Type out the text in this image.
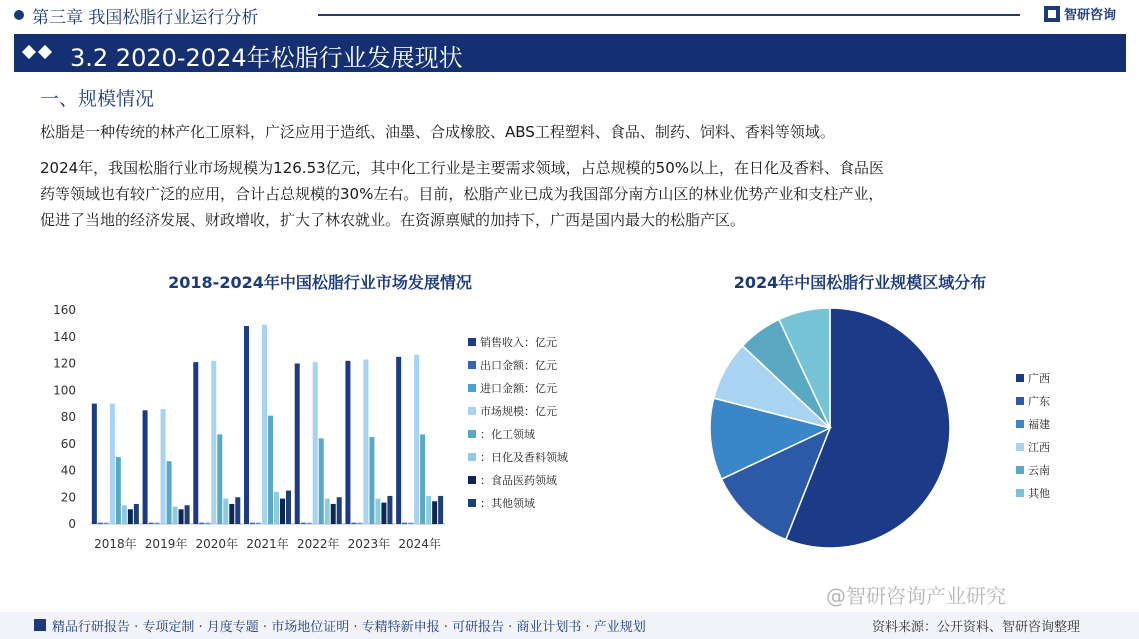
第三章 我国松脂行业运行分析	智研咨询
3.2 2020-2024年松脂行业发展现状
一、规模情况
松脂是一种传统的林产化工原料，广泛应用于造纸、油墨、合成橡胶、ABS工程塑料、食品、制药、饲料、香料等领域。
2024年，我国松脂行业市场规模为126.53亿元，其中化工行业是主要需求领域，占总规模的50%以上，在日化及香料、食品医
药等领域也有较广泛的应用，合计占总规模的30%左右。目前，松脂产业已成为我国部分南方山区的林业优势产业和支柱产业，
促进了当地的经济发展、财政增收，扩大了林农就业。在资源禀赋的加持下，广西是国内最大的松脂产区。
2018-2024年中国松脂行业市场发展情况
0
20
40
60
80
100
120
140
160
2018年 2019年 2020年 2021年 2022年 2023年 2024年
销售收入：亿元
出口金额：亿元
进口金额：亿元
市场规模：亿元
：化工领域
：日化及香料领域
：食品医药领域
：其他领域
2024年中国松脂行业规模区域分布
广西
广东
福建
江西
云南
其他
@智研咨询产业研究
精品行研报告 · 专项定制 · 月度专题 · 市场地位证明 · 专精特新申报 · 可研报告 · 商业计划书 · 产业规划	资料来源：公开资料、智研咨询整理
